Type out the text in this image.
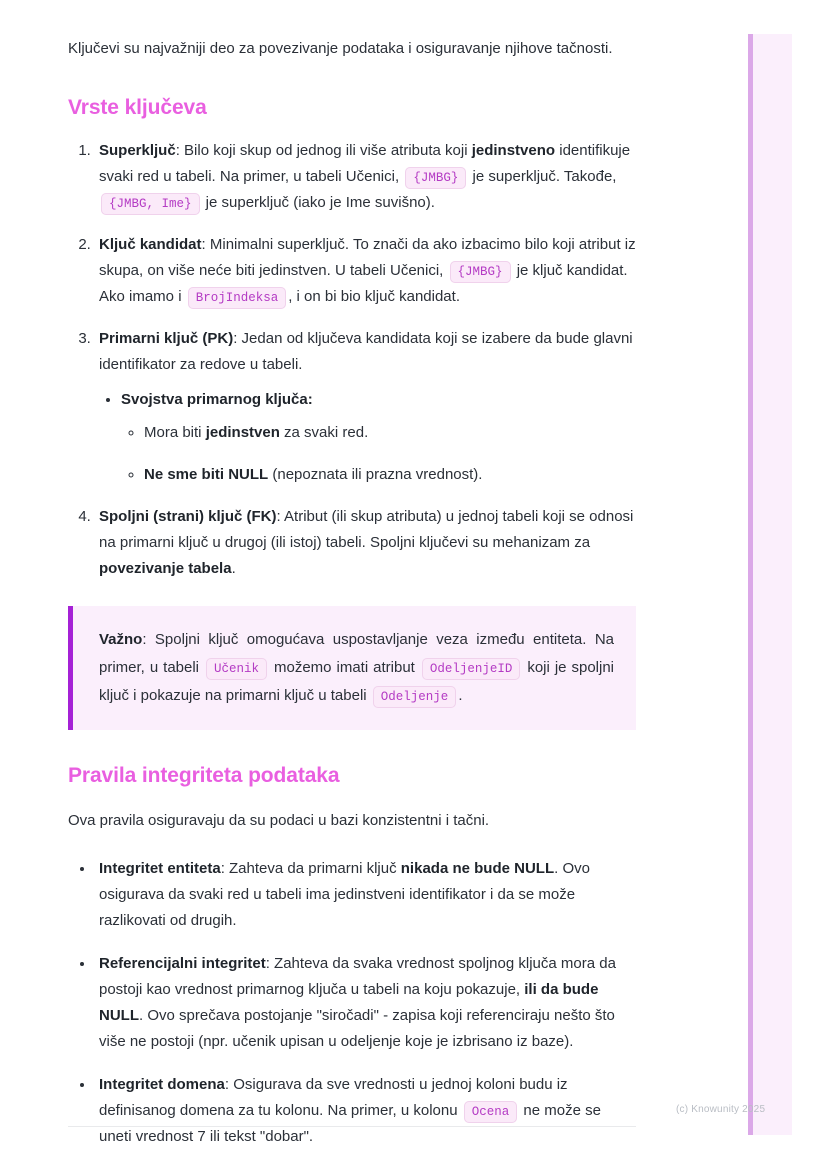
Ključevi su najvažniji deo za povezivanje podataka i osiguravanje njihove tačnosti.

Vrste ključeva
1. Superključ: Bilo koji skup od jednog ili više atributa koji jedinstveno identifikuje svaki red u tabeli. Na primer, u tabeli Učenici, {JMBG} je superključ. Takođe, {JMBG, Ime} je superključ (iako je Ime suvišno).
2. Ključ kandidat: Minimalni superključ. To znači da ako izbacimo bilo koji atribut iz skupa, on više neće biti jedinstven. U tabeli Učenici, {JMBG} je ključ kandidat. Ako imamo i BrojIndeksa , i on bi bio ključ kandidat.
3. Primarni ključ (PK): Jedan od ključeva kandidata koji se izabere da bude glavni identifikator za redove u tabeli.
• Svojstva primarnog ključa:
◦ Mora biti jedinstven za svaki red.
◦ Ne sme biti NULL (nepoznata ili prazna vrednost).
4. Spoljni (strani) ključ (FK): Atribut (ili skup atributa) u jednoj tabeli koji se odnosi na primarni ključ u drugoj (ili istoj) tabeli. Spoljni ključevi su mehanizam za povezivanje tabela.

Važno: Spoljni ključ omogućava uspostavljanje veza između entiteta. Na primer, u tabeli Učenik možemo imati atribut OdeljenjeID koji je spoljni ključ i pokazuje na primarni ključ u tabeli Odeljenje .

Pravila integriteta podataka

Ova pravila osiguravaju da su podaci u bazi konzistentni i tačni.

• Integritet entiteta: Zahteva da primarni ključ nikada ne bude NULL. Ovo osigurava da svaki red u tabeli ima jedinstveni identifikator i da se može razlikovati od drugih.
• Referencijalni integritet: Zahteva da svaka vrednost spoljnog ključa mora da postoji kao vrednost primarnog ključa u tabeli na koju pokazuje, ili da bude NULL. Ovo sprečava postojanje "siročadi" - zapisa koji referenciraju nešto što više ne postoji (npr. učenik upisan u odeljenje koje je izbrisano iz baze).
• Integritet domena: Osigurava da sve vrednosti u jednoj koloni budu iz definisanog domena za tu kolonu. Na primer, u kolonu Ocena ne može se uneti vrednost 7 ili tekst "dobar".
(c) Knowunity 2025
